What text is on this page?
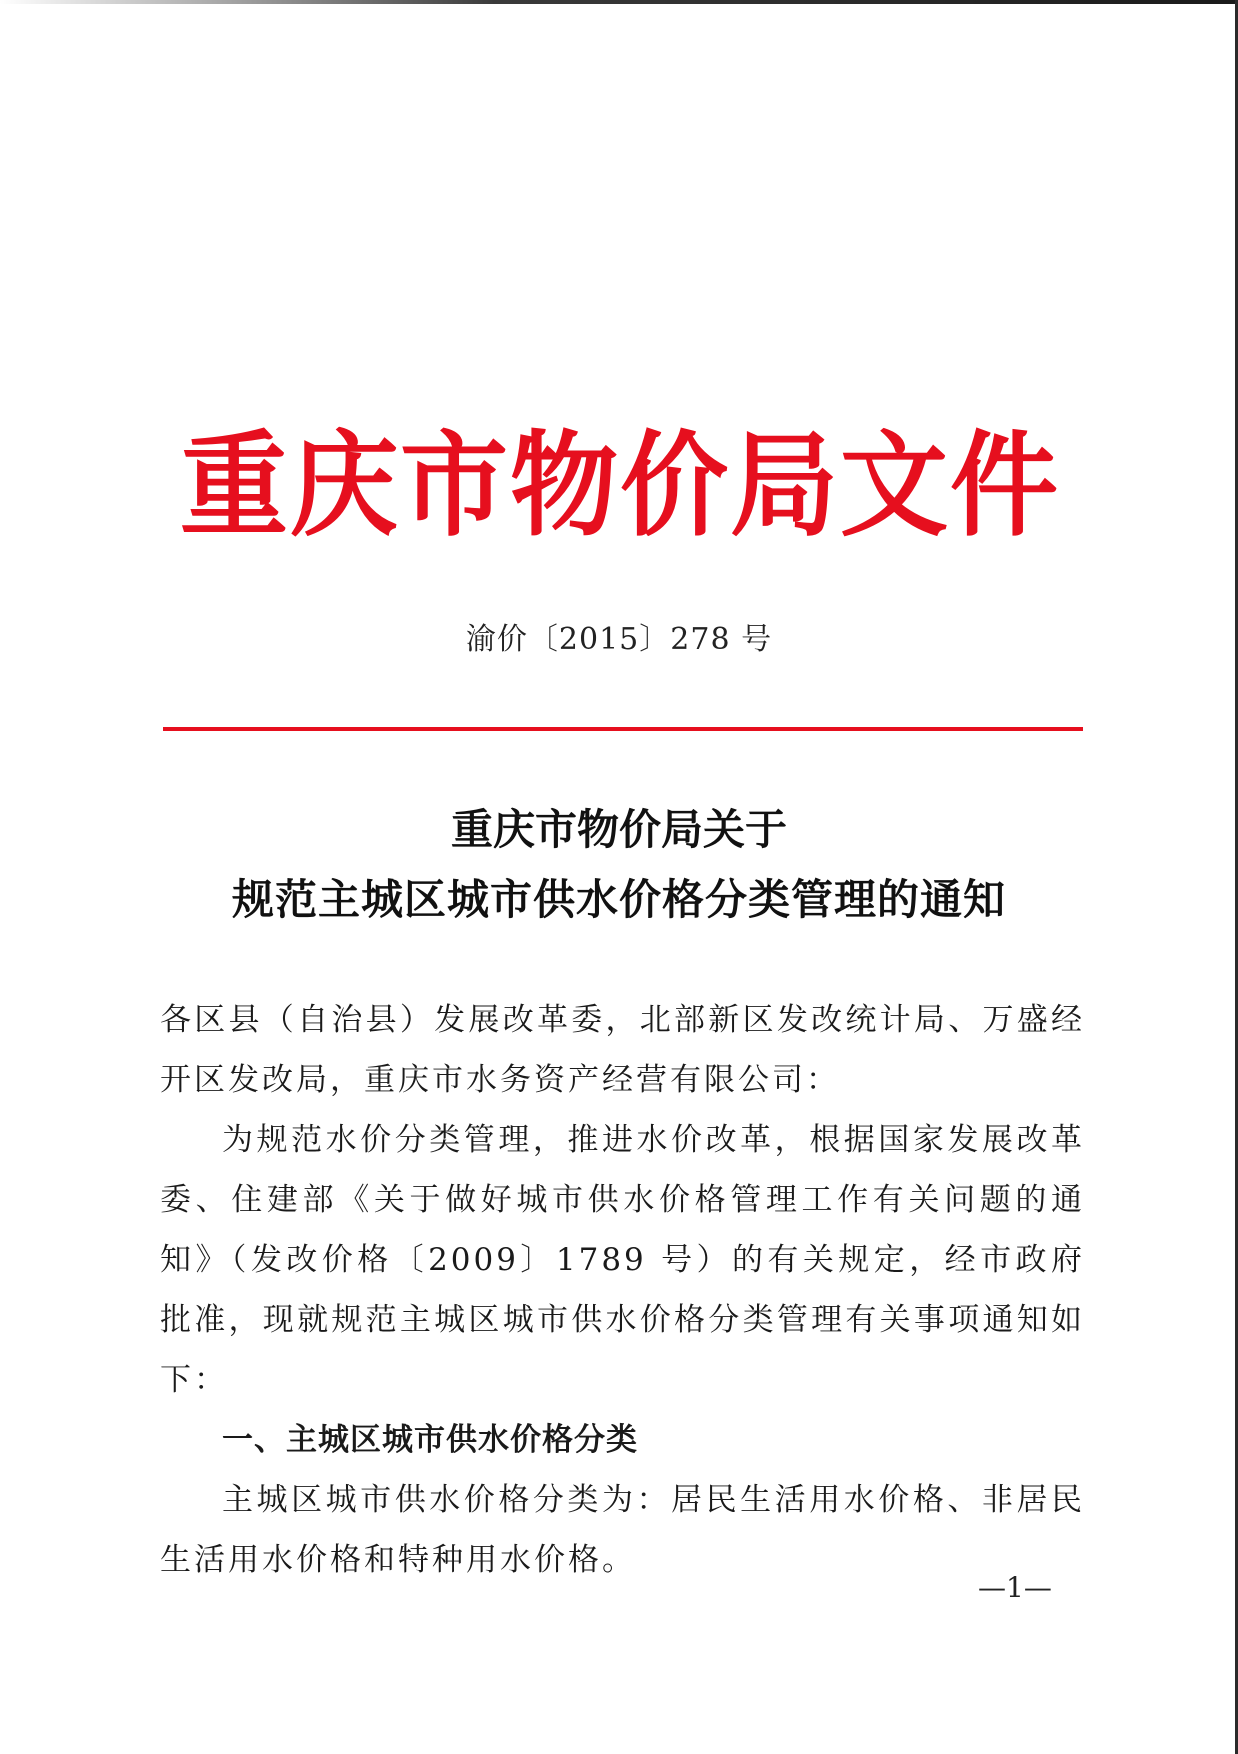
重庆市物价局文件
渝价〔2015〕278 号
重庆市物价局关于
规范主城区城市供水价格分类管理的通知

各区县（自治县）发展改革委，北部新区发改统计局、万盛经开区发改局，重庆市水务资产经营有限公司：

为规范水价分类管理，推进水价改革，根据国家发展改革委、住建部《关于做好城市供水价格管理工作有关问题的通知》（发改价格〔2009〕1789 号）的有关规定，经市政府批准，现就规范主城区城市供水价格分类管理有关事项通知如下：

一、主城区城市供水价格分类

主城区城市供水价格分类为：居民生活用水价格、非居民生活用水价格和特种用水价格。

—1—
